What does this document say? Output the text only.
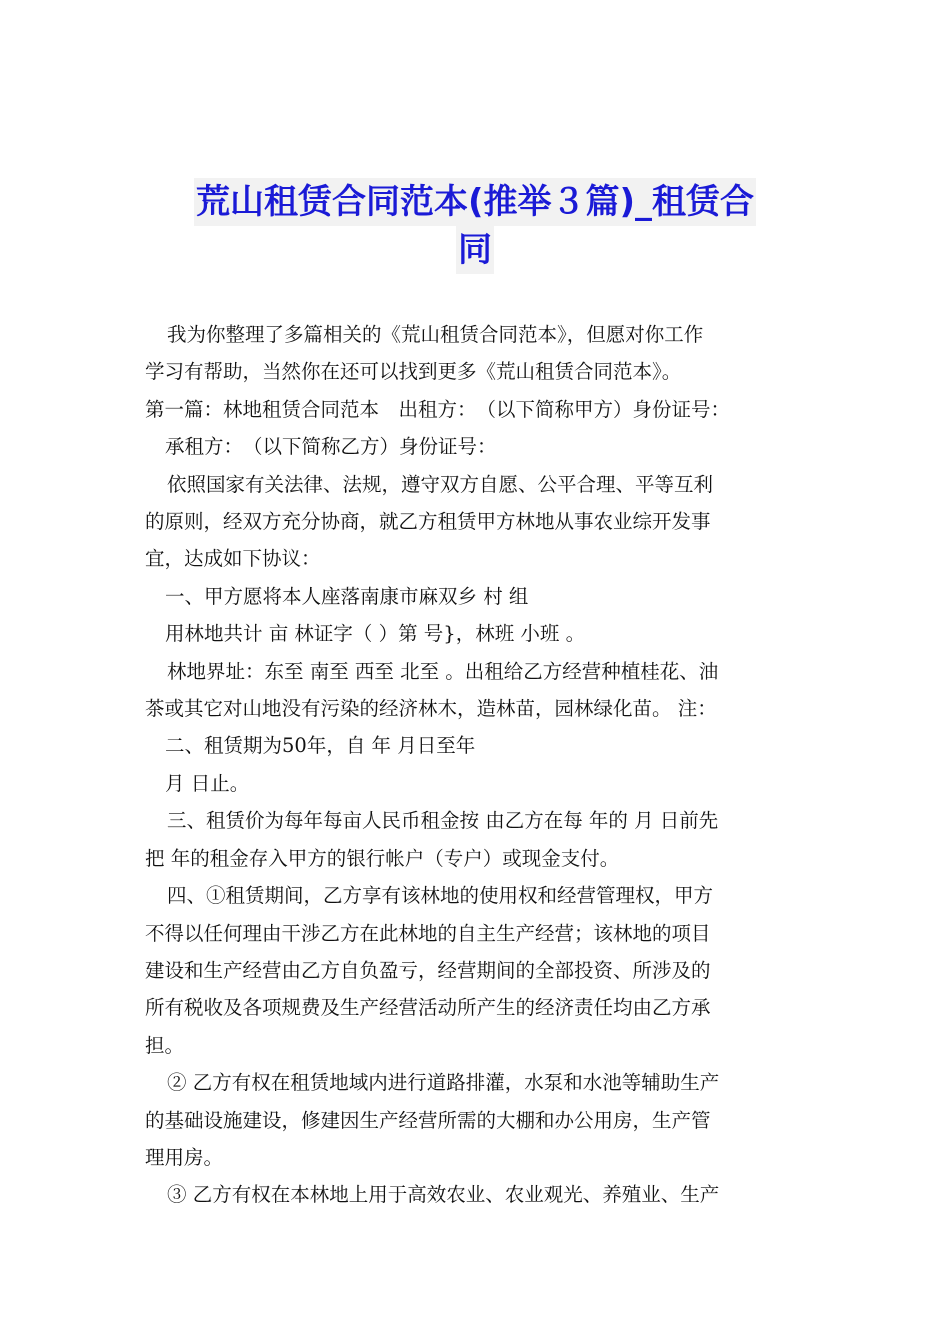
荒山租赁合同范本(推举３篇)_租赁合
同

我为你整理了多篇相关的《荒山租赁合同范本》，但愿对你工作

学习有帮助，当然你在还可以找到更多《荒山租赁合同范本》。

第一篇：林地租赁合同范本　出租方：　（以下简称甲方）身份证号：

承租方：　（以下简称乙方）身份证号：

依照国家有关法律、法规，遵守双方自愿、公平合理、平等互利

的原则，经双方充分协商，就乙方租赁甲方林地从事农业综开发事

宜，达成如下协议：

一、甲方愿将本人座落南康市麻双乡 村 组

用林地共计 亩 林证字（ ）第 号}，林班 小班 。

林地界址：东至 南至 西至 北至 。出租给乙方经营种植桂花、油

茶或其它对山地没有污染的经济林木，造林苗，园林绿化苗。 注：

二、租赁期为50年，自 年 月日至年

月 日止。

三、租赁价为每年每亩人民币租金按 由乙方在每 年的 月 日前先

把 年的租金存入甲方的银行帐户（专户）或现金支付。

四、①租赁期间，乙方享有该林地的使用权和经营管理权，甲方

不得以任何理由干涉乙方在此林地的自主生产经营；该林地的项目

建设和生产经营由乙方自负盈亏，经营期间的全部投资、所涉及的

所有税收及各项规费及生产经营活动所产生的经济责任均由乙方承

担。

② 乙方有权在租赁地域内进行道路排灌，水泵和水池等辅助生产

的基础设施建设，修建因生产经营所需的大棚和办公用房，生产管

理用房。

③ 乙方有权在本林地上用于高效农业、农业观光、养殖业、生产
